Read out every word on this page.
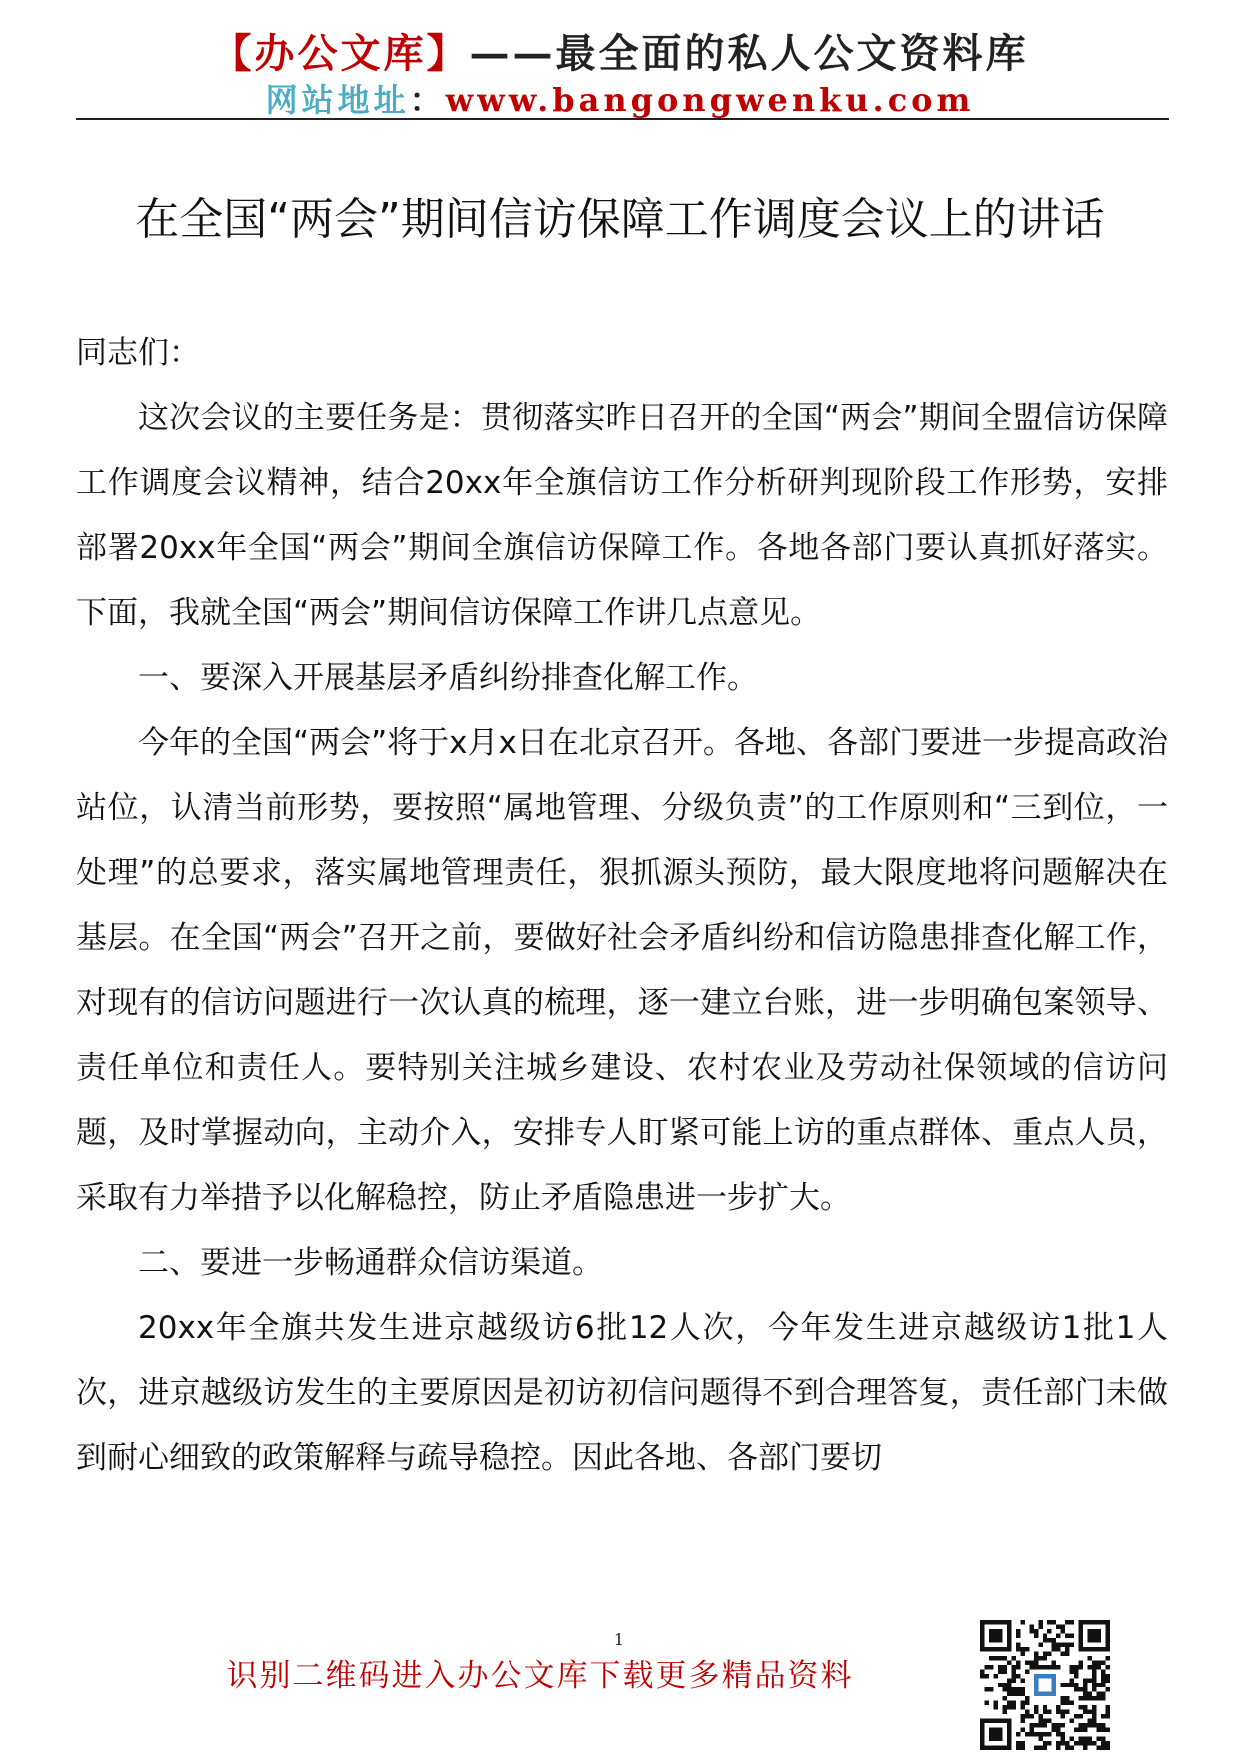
【办公文库】——最全面的私人公文资料库
网站地址：www.bangongwenku.com
在全国“两会”期间信访保障工作调度会议上的讲话

同志们：

这次会议的主要任务是：贯彻落实昨日召开的全国“两会”期间全盟信访保障工作调度会议精神，结合20xx年全旗信访工作分析研判现阶段工作形势，安排部署20xx年全国“两会”期间全旗信访保障工作。各地各部门要认真抓好落实。下面，我就全国“两会”期间信访保障工作讲几点意见。

一、要深入开展基层矛盾纠纷排查化解工作。

今年的全国“两会”将于x月x日在北京召开。各地、各部门要进一步提高政治站位，认清当前形势，要按照“属地管理、分级负责”的工作原则和“三到位，一处理”的总要求，落实属地管理责任，狠抓源头预防，最大限度地将问题解决在基层。在全国“两会”召开之前，要做好社会矛盾纠纷和信访隐患排查化解工作，对现有的信访问题进行一次认真的梳理，逐一建立台账，进一步明确包案领导、责任单位和责任人。要特别关注城乡建设、农村农业及劳动社保领域的信访问题，及时掌握动向，主动介入，安排专人盯紧可能上访的重点群体、重点人员，采取有力举措予以化解稳控，防止矛盾隐患进一步扩大。

二、要进一步畅通群众信访渠道。

20xx年全旗共发生进京越级访6批12人次，今年发生进京越级访1批1人次，进京越级访发生的主要原因是初访初信问题得不到合理答复，责任部门未做到耐心细致的政策解释与疏导稳控。因此各地、各部门要切

1
识别二维码进入办公文库下载更多精品资料
